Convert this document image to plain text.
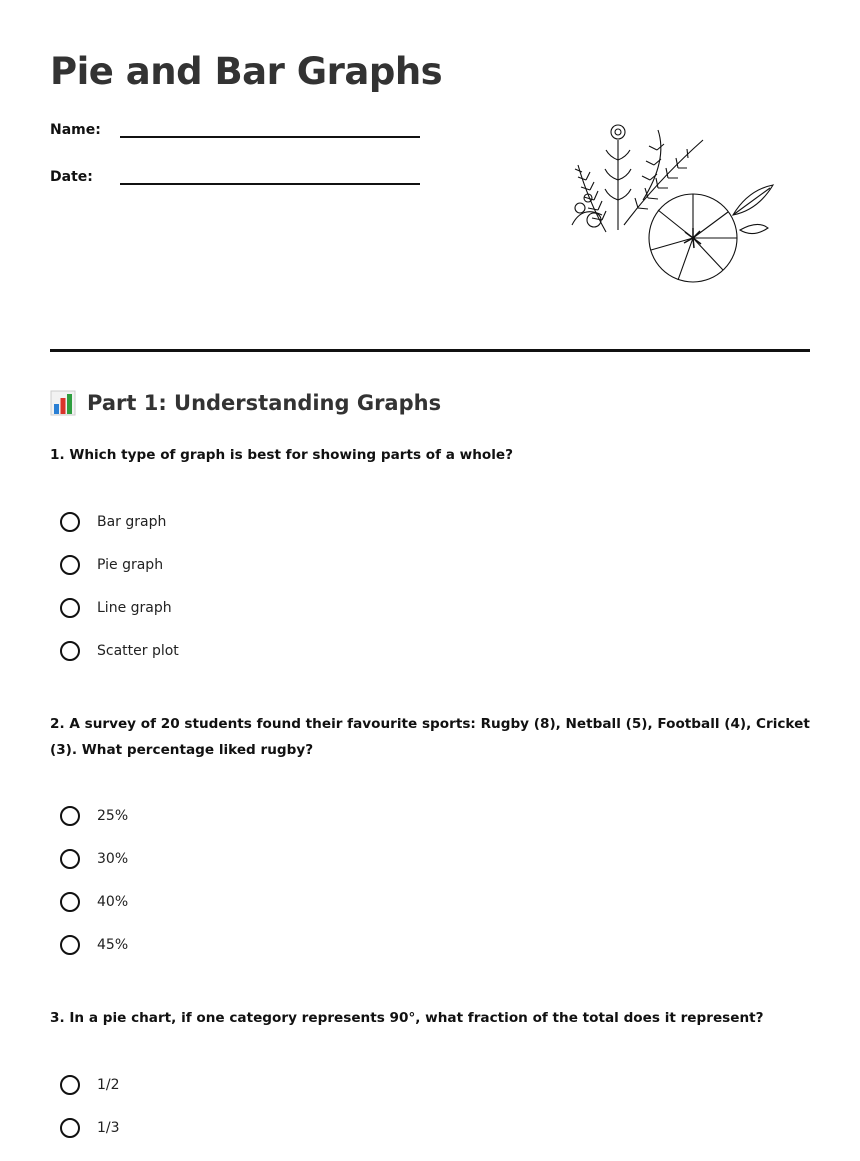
Pie and Bar Graphs
Name:
Date:
Part 1: Understanding Graphs

1. Which type of graph is best for showing parts of a whole?

Bar graph
Pie graph
Line graph
Scatter plot

2. A survey of 20 students found their favourite sports: Rugby (8), Netball (5), Football (4), Cricket (3). What percentage liked rugby?

25%
30%
40%
45%

3. In a pie chart, if one category represents 90°, what fraction of the total does it represent?

1/2
1/3
